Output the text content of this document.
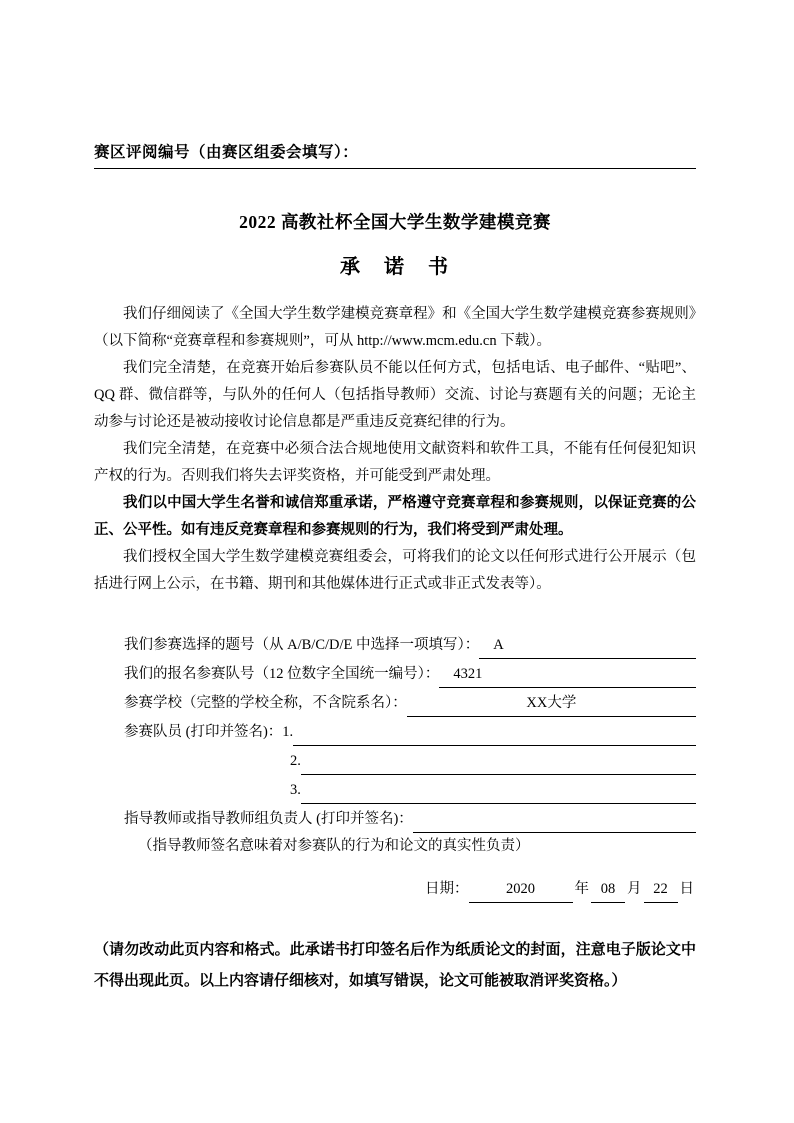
赛区评阅编号（由赛区组委会填写）：
2022 高教社杯全国大学生数学建模竞赛
承　诺　书

我们仔细阅读了《全国大学生数学建模竞赛章程》和《全国大学生数学建模竞赛参赛规则》（以下简称“竞赛章程和参赛规则”，可从 http://www.mcm.edu.cn 下载）。

我们完全清楚，在竞赛开始后参赛队员不能以任何方式，包括电话、电子邮件、“贴吧”、QQ 群、微信群等，与队外的任何人（包括指导教师）交流、讨论与赛题有关的问题；无论主动参与讨论还是被动接收讨论信息都是严重违反竞赛纪律的行为。

我们完全清楚，在竞赛中必须合法合规地使用文献资料和软件工具，不能有任何侵犯知识产权的行为。否则我们将失去评奖资格，并可能受到严肃处理。

我们以中国大学生名誉和诚信郑重承诺，严格遵守竞赛章程和参赛规则，以保证竞赛的公正、公平性。如有违反竞赛章程和参赛规则的行为，我们将受到严肃处理。

我们授权全国大学生数学建模竞赛组委会，可将我们的论文以任何形式进行公开展示（包括进行网上公示，在书籍、期刊和其他媒体进行正式或非正式发表等）。

我们参赛选择的题号（从 A/B/C/D/E 中选择一项填写）： A
我们的报名参赛队号（12 位数字全国统一编号）： 4321
参赛学校（完整的学校全称，不含院系名）：	XX大学
参赛队员 (打印并签名)： 1.
2.
3.
指导教师或指导教师组负责人 (打印并签名)：
（指导教师签名意味着对参赛队的行为和论文的真实性负责）
日期：	2020	年 08 月 22 日
（请勿改动此页内容和格式。此承诺书打印签名后作为纸质论文的封面，注意电子版论文中不得出现此页。以上内容请仔细核对，如填写错误，论文可能被取消评奖资格。）
